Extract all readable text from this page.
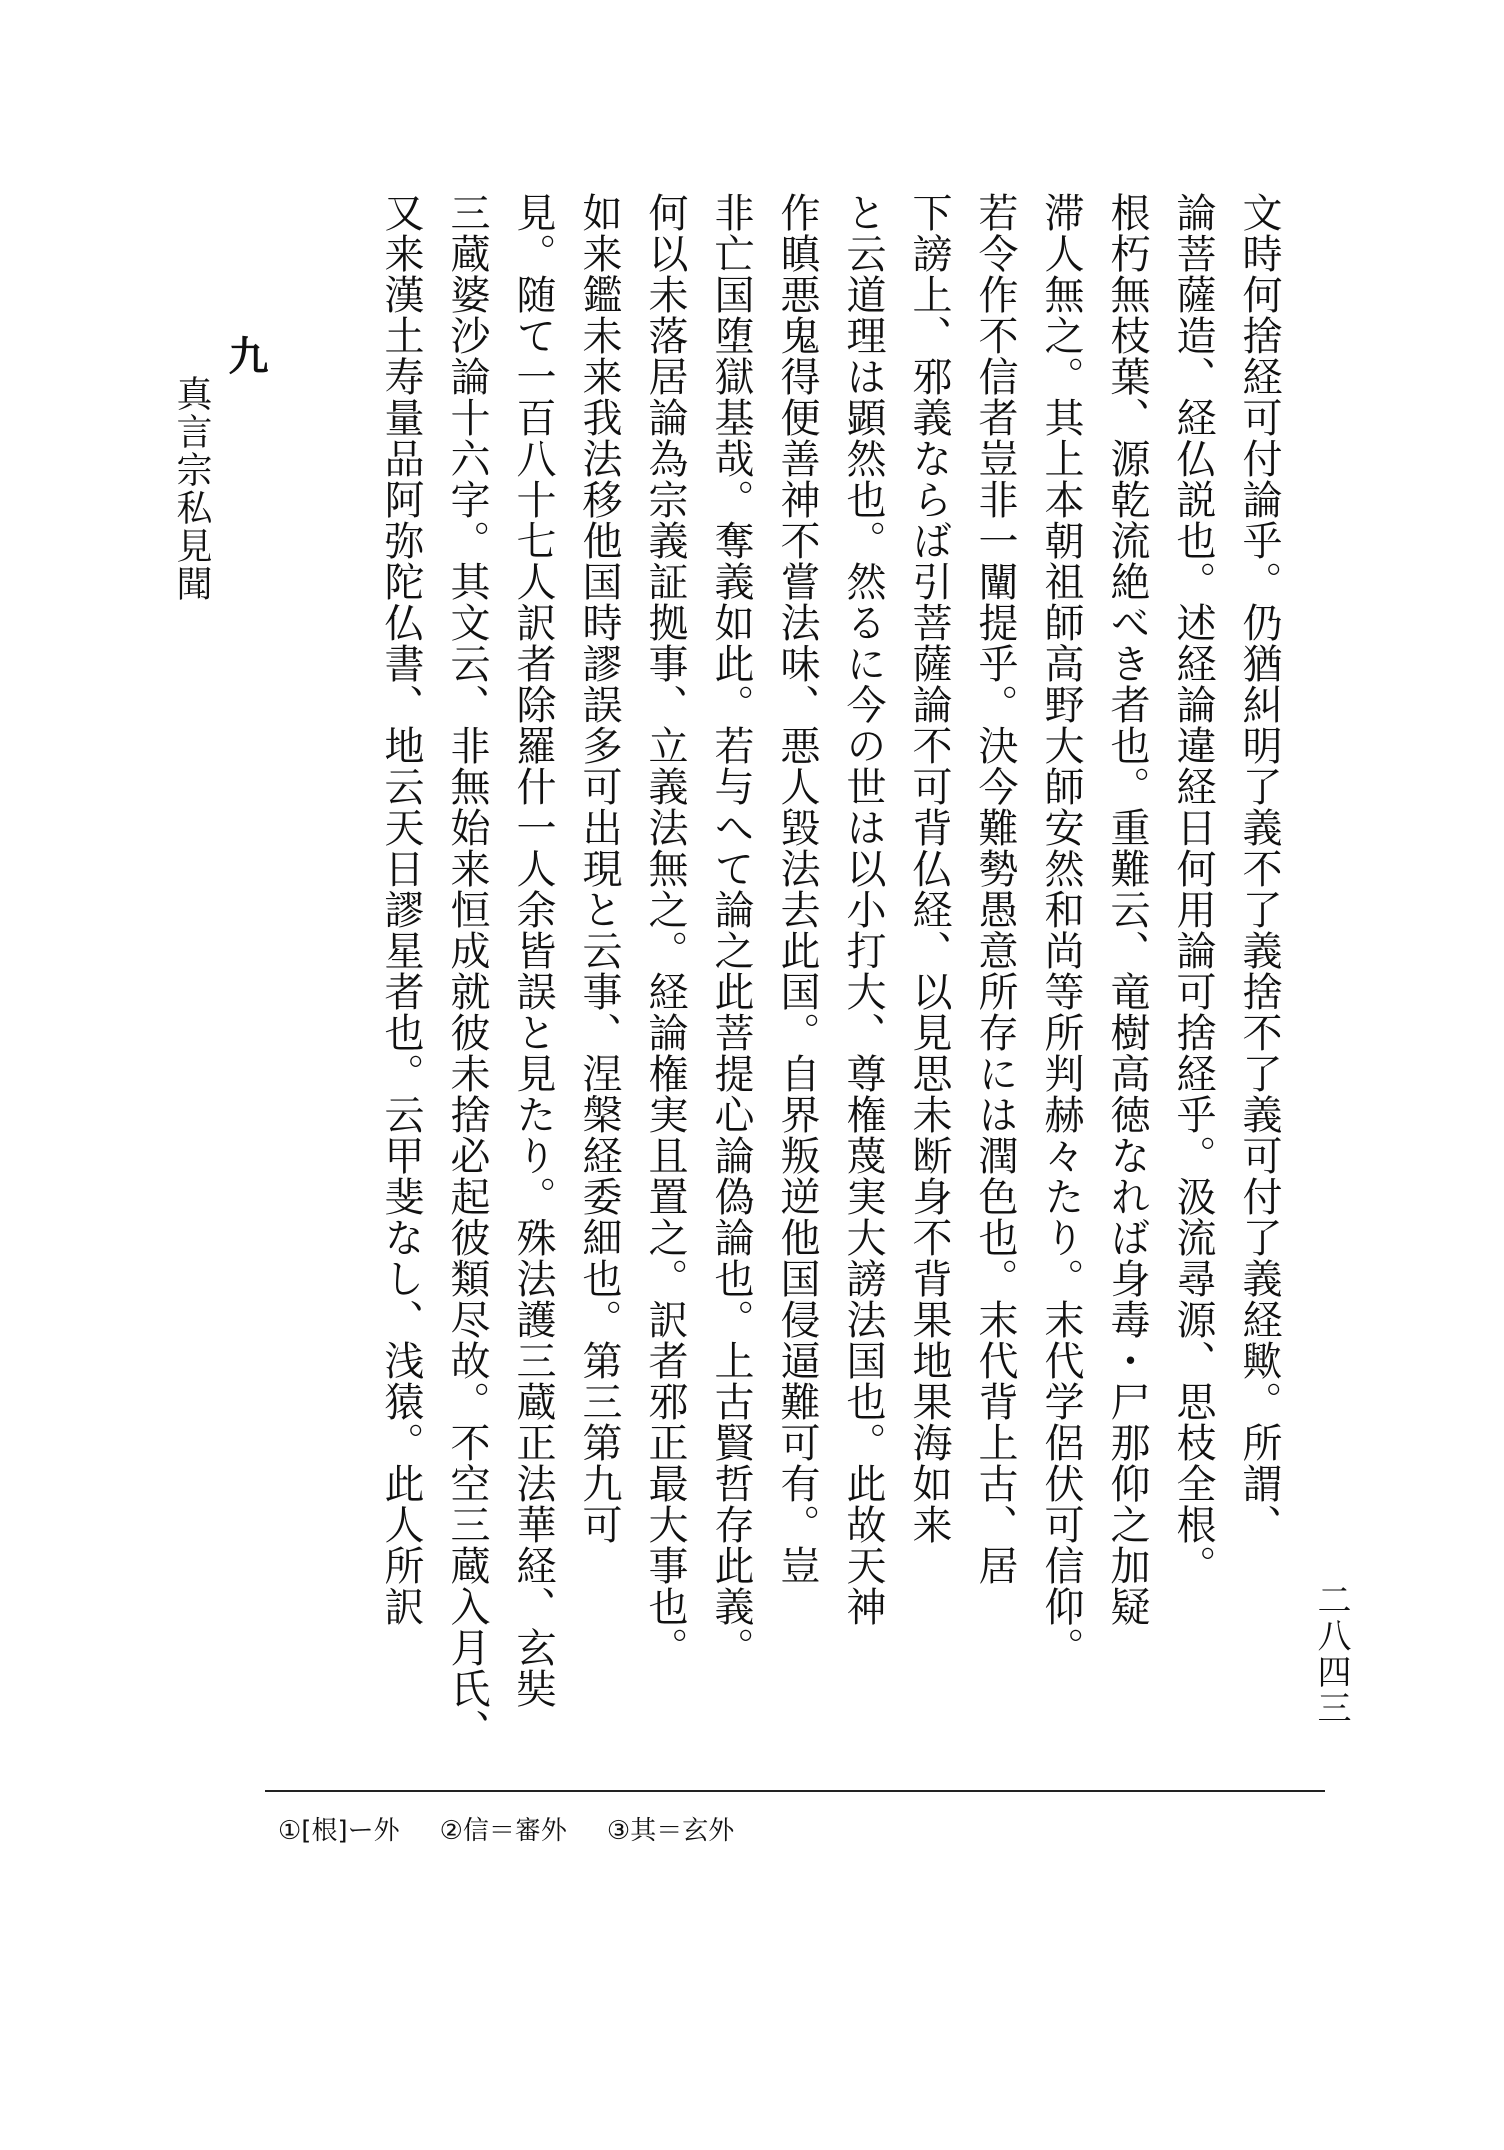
文時何捨経可付論乎。仍猶糾明了義不了義捨不了義可付了義経歟。所謂、
論菩薩造、経仏説也。述経論違経日何用論可捨経乎。汲流尋源、思枝全根。
根朽無枝葉、源乾流絶べき者也。重難云、竜樹高徳なれば身毒・尸那仰之加疑
滞人無之。其上本朝祖師高野大師安然和尚等所判赫々たり。末代学侶伏可信仰。
若令作不信者豈非一闡提乎。決今難勢愚意所存には潤色也。末代背上古、居
下謗上、邪義ならば引菩薩論不可背仏経、以見思未断身不背果地果海如来
と云道理は顕然也。然るに今の世は以小打大、尊権蔑実大謗法国也。此故天神
作瞋悪鬼得便善神不嘗法味、悪人毀法去此国。自界叛逆他国侵逼難可有。豈
非亡国堕獄基哉。奪義如此。若与へて論之此菩提心論偽論也。上古賢哲存此義。
何以未落居論為宗義証拠事、立義法無之。経論権実且置之。訳者邪正最大事也。
如来鑑未来我法移他国時謬誤多可出現と云事、涅槃経委細也。第三第九可
見。随て一百八十七人訳者除羅什一人余皆誤と見たり。殊法護三蔵正法華経、玄奘
三蔵婆沙論十六字。其文云、非無始来恒成就彼未捨必起彼類尽故。不空三蔵入月氏、
又来漢土寿量品阿弥陀仏書、地云天日謬星者也。云甲斐なし、浅猿。此人所訳
九
真言宗私見聞
二八四三
①[根]ー外 ②信＝審外 ③其＝玄外
